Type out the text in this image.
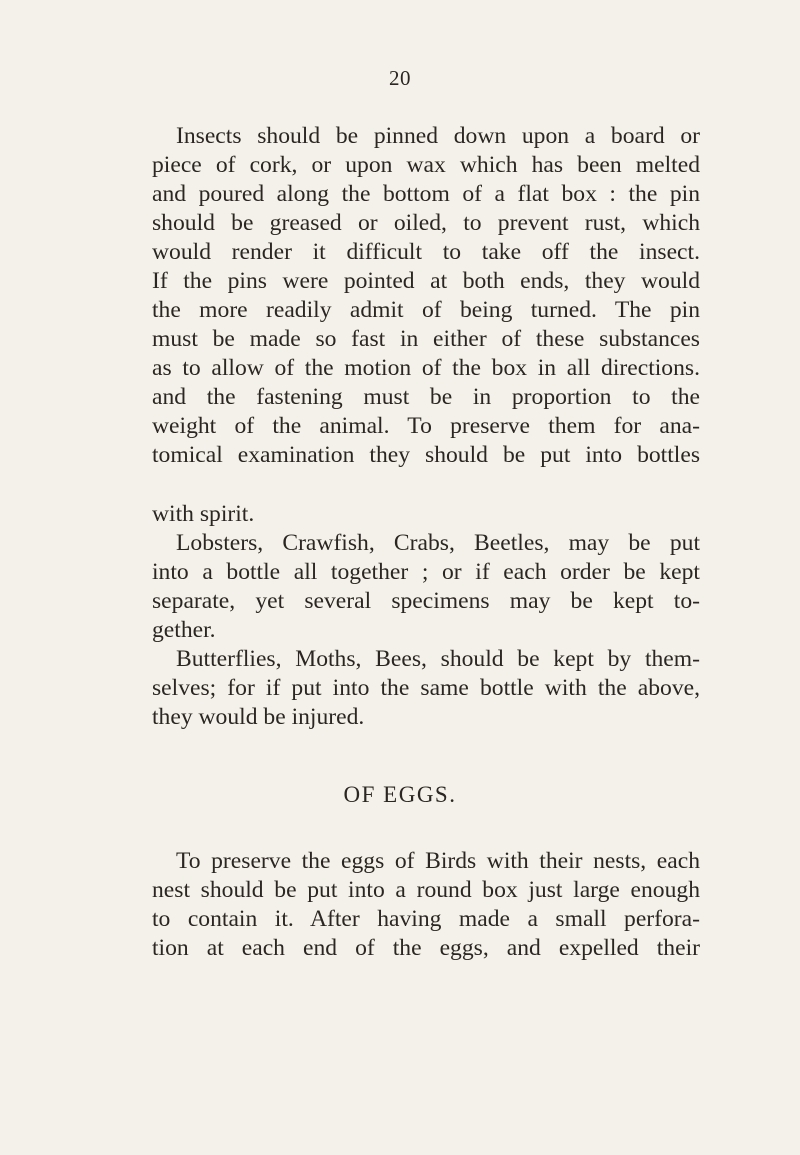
20
Insects should be pinned down upon a board or
piece of cork, or upon wax which has been melted
and poured along the bottom of a flat box : the pin
should be greased or oiled, to prevent rust, which
would render it difficult to take off the insect.
If the pins were pointed at both ends, they would
the more readily admit of being turned. The pin
must be made so fast in either of these substances
as to allow of the motion of the box in all directions.
and the fastening must be in proportion to the
weight of the animal. To preserve them for ana-
tomical examination they should be put into bottles
with spirit.
Lobsters, Crawfish, Crabs, Beetles, may be put
into a bottle all together ; or if each order be kept
separate, yet several specimens may be kept to-
gether.
Butterflies, Moths, Bees, should be kept by them-
selves; for if put into the same bottle with the above,
they would be injured.
OF EGGS.
To preserve the eggs of Birds with their nests, each
nest should be put into a round box just large enough
to contain it. After having made a small perfora-
tion at each end of the eggs, and expelled their
